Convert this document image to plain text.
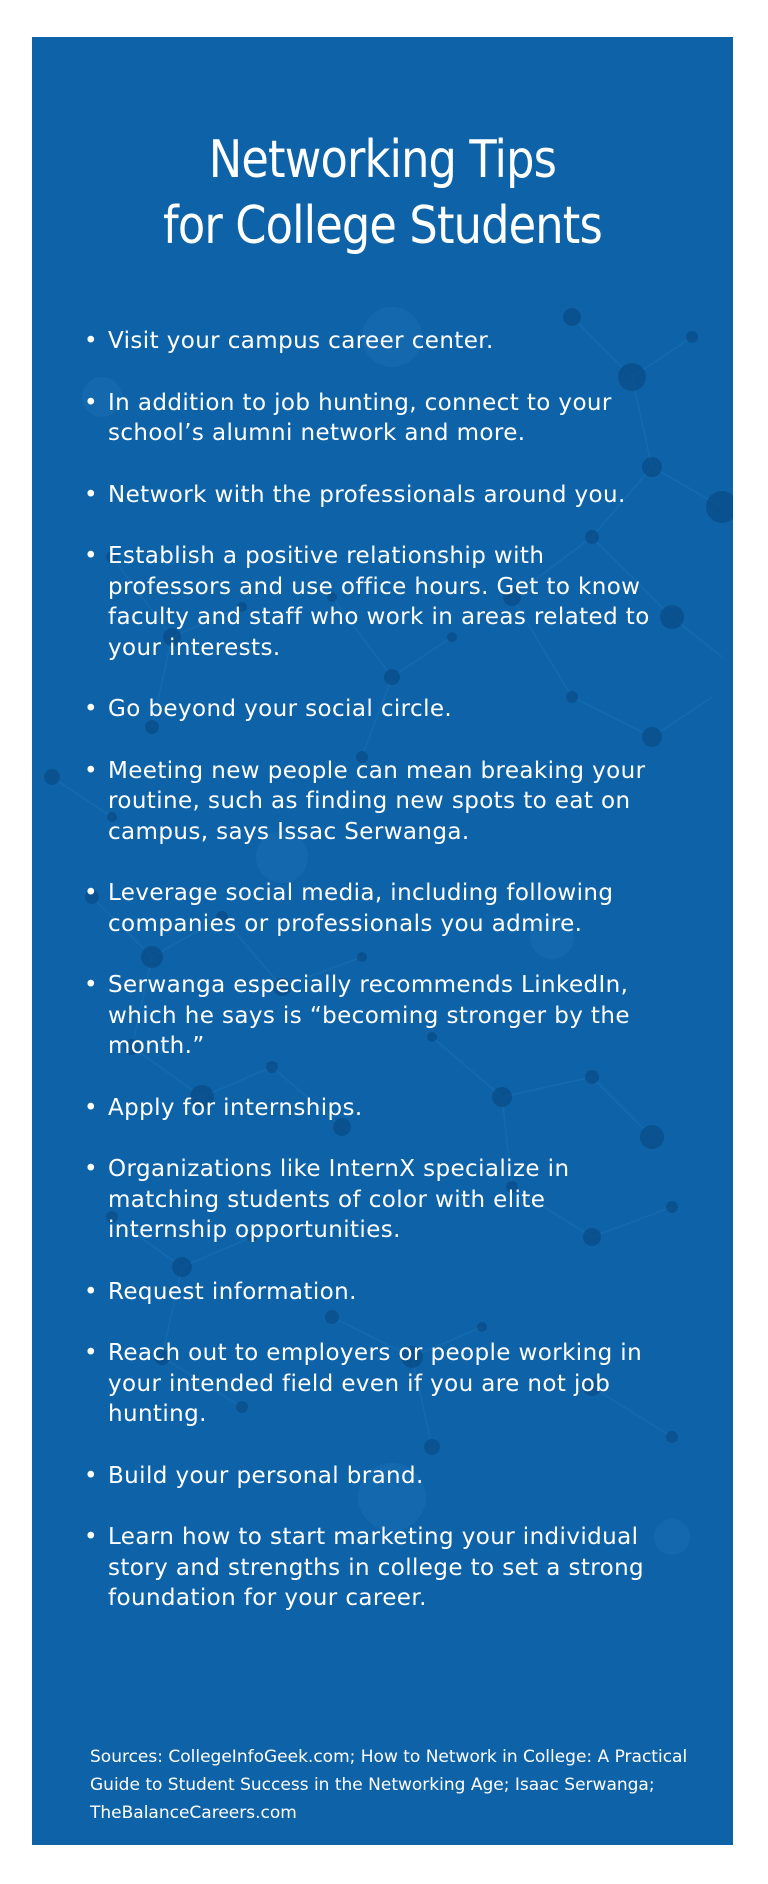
Networking Tips
for College Students
• Visit your campus career center.
• In addition to job hunting, connect to your school’s alumni network and more.
• Network with the professionals around you.
• Establish a positive relationship with professors and use office hours. Get to know faculty and staff who work in areas related to your interests.
• Go beyond your social circle.
• Meeting new people can mean breaking your routine, such as finding new spots to eat on campus, says Issac Serwanga.
• Leverage social media, including following companies or professionals you admire.
• Serwanga especially recommends LinkedIn, which he says is “becoming stronger by the month.”
• Apply for internships.
• Organizations like InternX specialize in matching students of color with elite internship opportunities.
• Request information.
• Reach out to employers or people working in your intended field even if you are not job hunting.
• Build your personal brand.
• Learn how to start marketing your individual story and strengths in college to set a strong foundation for your career.

Sources: CollegeInfoGeek.com; How to Network in College: A Practical Guide to Student Success in the Networking Age; Isaac Serwanga; TheBalanceCareers.com
